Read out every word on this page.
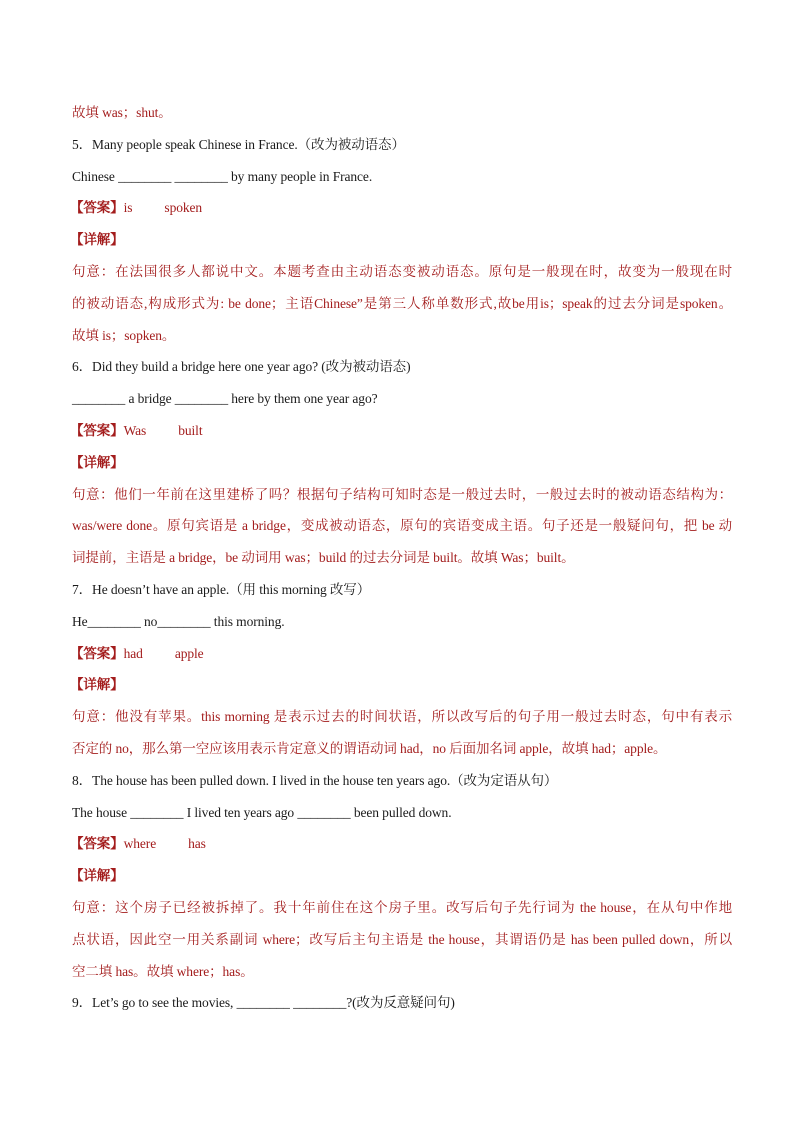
故填 was；shut。
5．Many people speak Chinese in France.（改为被动语态）
Chinese ________ ________ by many people in France.
【答案】is spoken
【详解】
句意：在法国很多人都说中文。本题考查由主动语态变被动语态。原句是一般现在时，故变为一般现在时
的被动语态,构成形式为: be done；主语Chinese”是第三人称单数形式,故be用is；speak的过去分词是spoken。
故填 is；sopken。
6．Did they build a bridge here one year ago? (改为被动语态)
________ a bridge ________ here by them one year ago?
【答案】Was built
【详解】
句意：他们一年前在这里建桥了吗？根据句子结构可知时态是一般过去时，一般过去时的被动语态结构为：
was/were done。原句宾语是 a bridge，变成被动语态，原句的宾语变成主语。句子还是一般疑问句，把 be 动
词提前，主语是 a bridge，be 动词用 was；build 的过去分词是 built。故填 Was；built。
7．He doesn’t have an apple.（用 this morning 改写）
He________ no________ this morning.
【答案】had apple
【详解】
句意：他没有苹果。this morning 是表示过去的时间状语，所以改写后的句子用一般过去时态，句中有表示
否定的 no，那么第一空应该用表示肯定意义的谓语动词 had，no 后面加名词 apple，故填 had；apple。
8．The house has been pulled down. I lived in the house ten years ago.（改为定语从句）
The house ________ I lived ten years ago ________ been pulled down.
【答案】where has
【详解】
句意：这个房子已经被拆掉了。我十年前住在这个房子里。改写后句子先行词为 the house，在从句中作地
点状语，因此空一用关系副词 where；改写后主句主语是 the house，其谓语仍是 has been pulled down，所以
空二填 has。故填 where；has。
9．Let’s go to see the movies, ________ ________?(改为反意疑问句)
